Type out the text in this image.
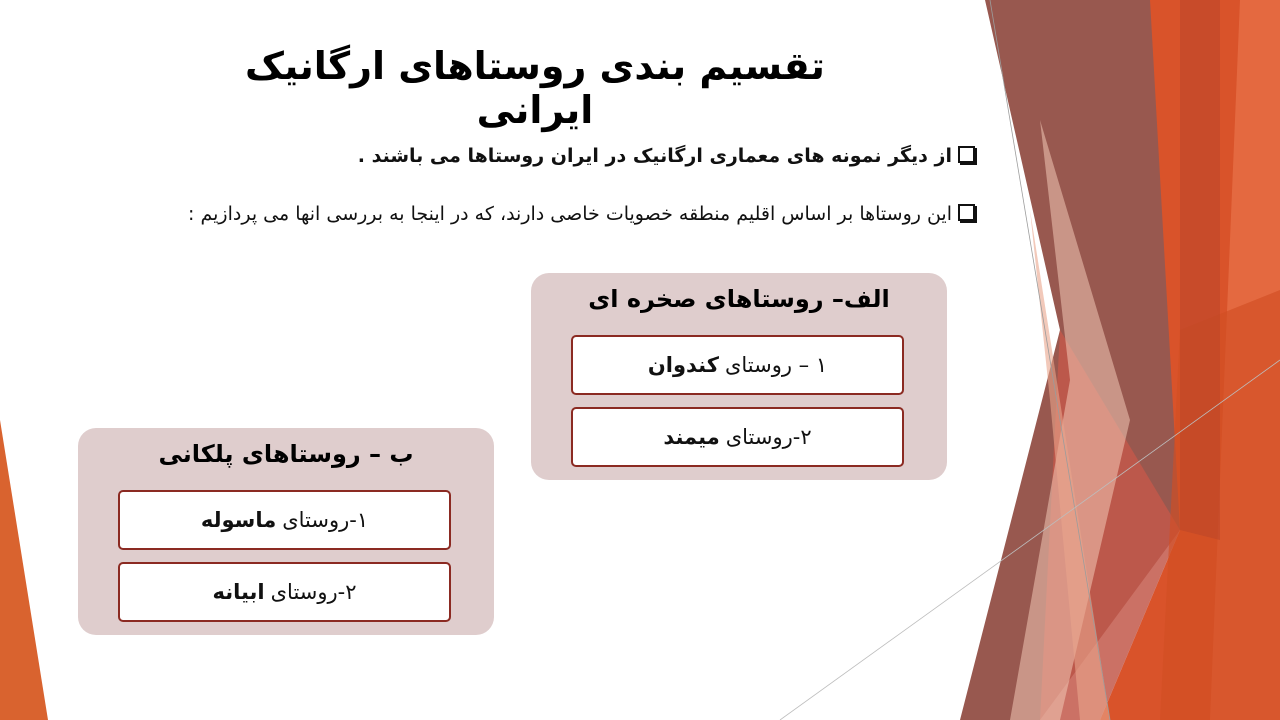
تقسیم بندی روستاهای ارگانیک ایرانی
از دیگر نمونه های معماری ارگانیک در ایران روستاها می باشند .
این روستاها بر اساس اقلیم منطقه خصویات خاصی دارند، که در اینجا به بررسی انها می پردازیم :
الف– روستاهای صخره ای
۱ – روستای
کندوان
۲-روستای
میمند
ب – روستاهای پلکانی
۱-روستای
ماسوله
۲-روستای
ابیانه
